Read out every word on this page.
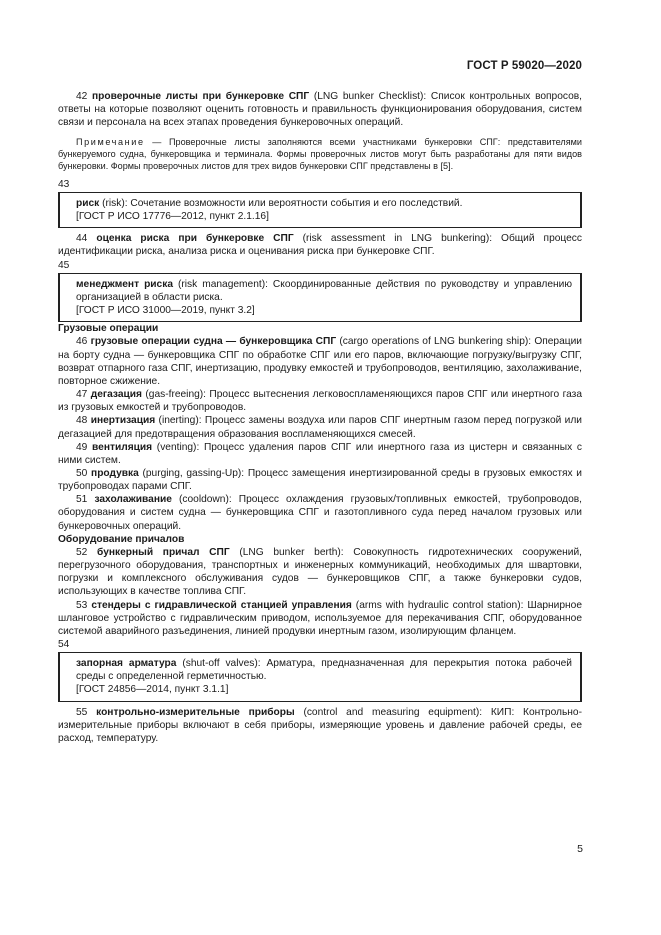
ГОСТ Р 59020—2020

42 проверочные листы при бункеровке СПГ (LNG bunker Checklist): Список контрольных вопросов, ответы на которые позволяют оценить готовность и правильность функционирования оборудования, систем связи и персонала на всех этапах проведения бункеровочных операций.

Примечание — Проверочные листы заполняются всеми участниками бункеровки СПГ: представителями бункеруемого судна, бункеровщика и терминала. Формы проверочных листов могут быть разработаны для пяти видов бункеровки. Формы проверочных листов для трех видов бункеровки СПГ представлены в [5].

43

риск (risk): Сочетание возможности или вероятности события и его последствий.
[ГОСТ Р ИСО 17776—2012, пункт 2.1.16]

44 оценка риска при бункеровке СПГ (risk assessment in LNG bunkering): Общий процесс идентификации риска, анализа риска и оценивания риска при бункеровке СПГ.

45

менеджмент риска (risk management): Скоординированные действия по руководству и управлению организацией в области риска.
[ГОСТ Р ИСО 31000—2019, пункт 3.2]

Грузовые операции

46 грузовые операции судна — бункеровщика СПГ (cargo operations of LNG bunkering ship): Операции на борту судна — бункеровщика СПГ по обработке СПГ или его паров, включающие погрузку/выгрузку СПГ, возврат отпарного газа СПГ, инертизацию, продувку емкостей и трубопроводов, вентиляцию, захолаживание, повторное сжижение.

47 дегазация (gas-freeing): Процесс вытеснения легковоспламеняющихся паров СПГ или инертного газа из грузовых емкостей и трубопроводов.

48 инертизация (inerting): Процесс замены воздуха или паров СПГ инертным газом перед погрузкой или дегазацией для предотвращения образования воспламеняющихся смесей.

49 вентиляция (venting): Процесс удаления паров СПГ или инертного газа из цистерн и связанных с ними систем.

50 продувка (purging, gassing-Up): Процесс замещения инертизированной среды в грузовых емкостях и трубопроводах парами СПГ.

51 захолаживание (cooldown): Процесс охлаждения грузовых/топливных емкостей, трубопроводов, оборудования и систем судна — бункеровщика СПГ и газотопливного суда перед началом грузовых или бункеровочных операций.

Оборудование причалов

52 бункерный причал СПГ (LNG bunker berth): Совокупность гидротехнических сооружений, перегрузочного оборудования, транспортных и инженерных коммуникаций, необходимых для швартовки, погрузки и комплексного обслуживания судов — бункеровщиков СПГ, а также бункеровки судов, использующих в качестве топлива СПГ.

53 стендеры с гидравлической станцией управления (arms with hydraulic control station): Шарнирное шланговое устройство с гидравлическим приводом, используемое для перекачивания СПГ, оборудованное системой аварийного разъединения, линией продувки инертным газом, изолирующим фланцем.

54

запорная арматура (shut-off valves): Арматура, предназначенная для перекрытия потока рабочей среды с определенной герметичностью.
[ГОСТ 24856—2014, пункт 3.1.1]

55 контрольно-измерительные приборы (control and measuring equipment): КИП: Контрольно-измерительные приборы включают в себя приборы, измеряющие уровень и давление рабочей среды, ее расход, температуру.

5
